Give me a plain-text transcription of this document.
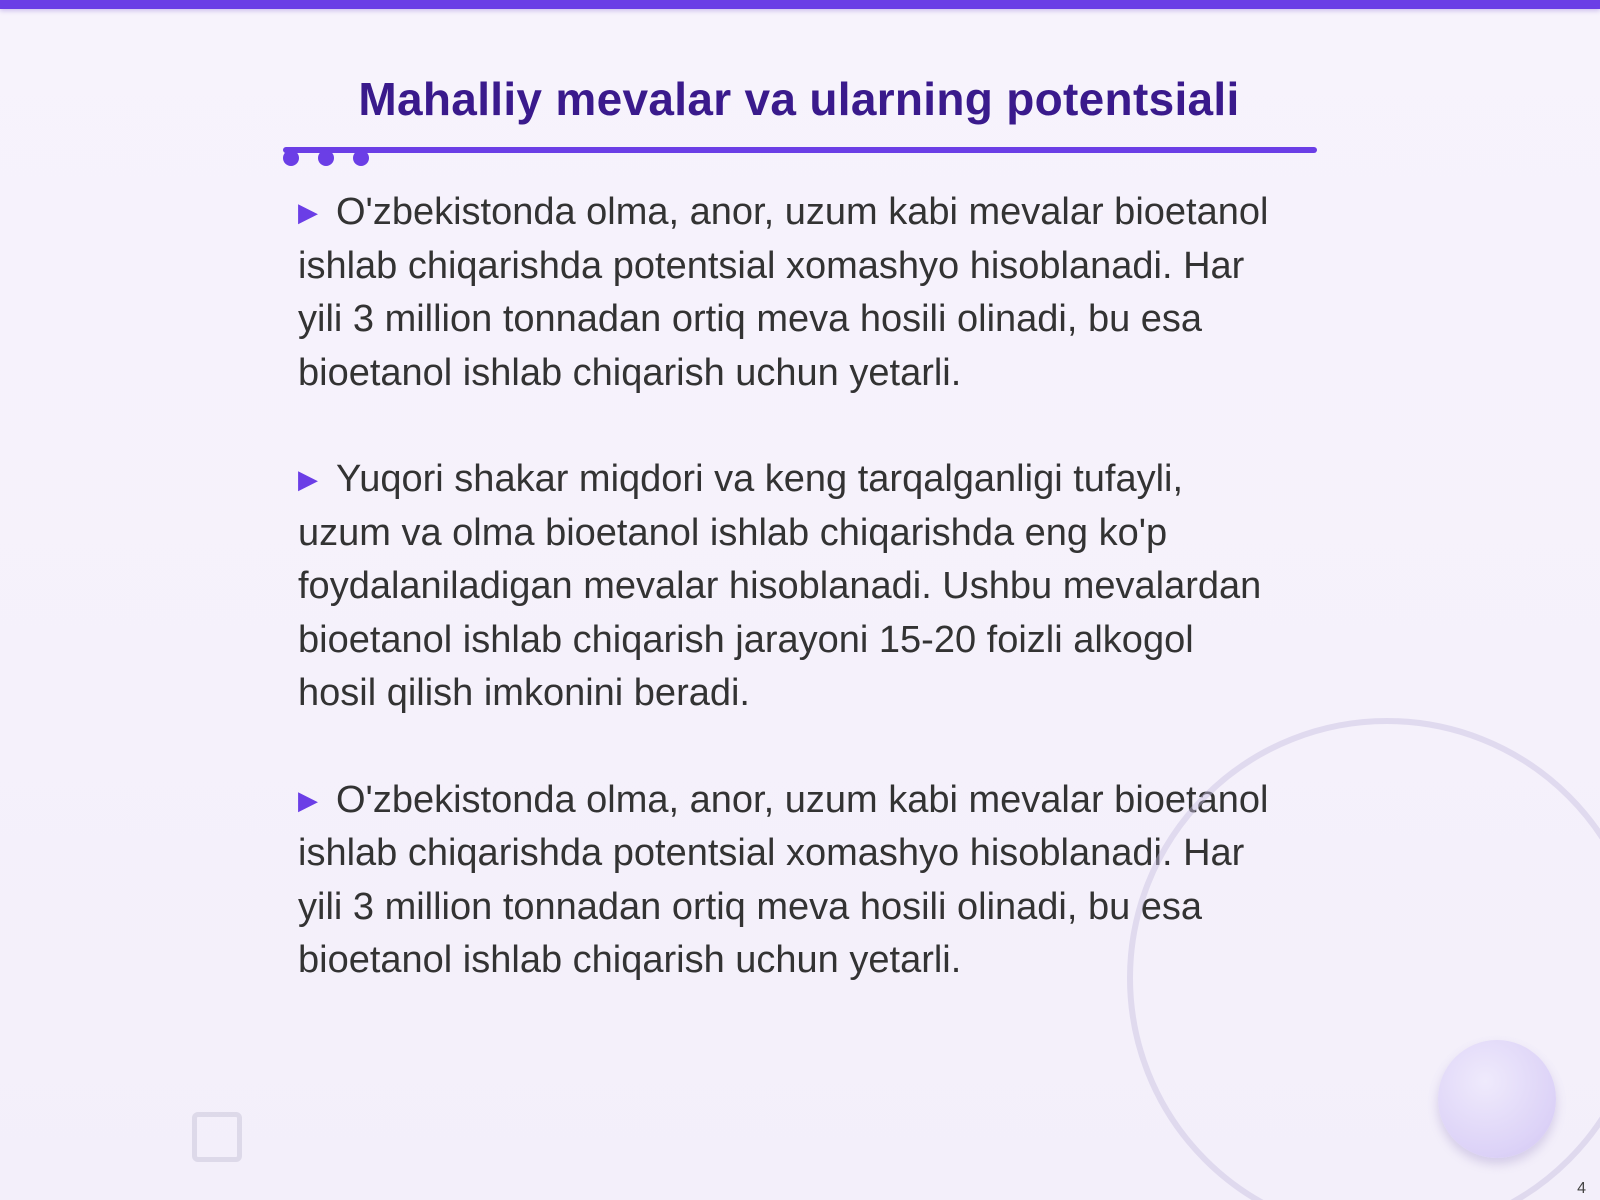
Mahalliy mevalar va ularning potentsiali

▶ O'zbekistonda olma, anor, uzum kabi mevalar bioetanol ishlab chiqarishda potentsial xomashyo hisoblanadi. Har yili 3 million tonnadan ortiq meva hosili olinadi, bu esa bioetanol ishlab chiqarish uchun yetarli.

▶ Yuqori shakar miqdori va keng tarqalganligi tufayli, uzum va olma bioetanol ishlab chiqarishda eng ko'p foydalaniladigan mevalar hisoblanadi. Ushbu mevalardan bioetanol ishlab chiqarish jarayoni 15-20 foizli alkogol hosil qilish imkonini beradi.

▶ O'zbekistonda olma, anor, uzum kabi mevalar bioetanol ishlab chiqarishda potentsial xomashyo hisoblanadi. Har yili 3 million tonnadan ortiq meva hosili olinadi, bu esa bioetanol ishlab chiqarish uchun yetarli.

4
